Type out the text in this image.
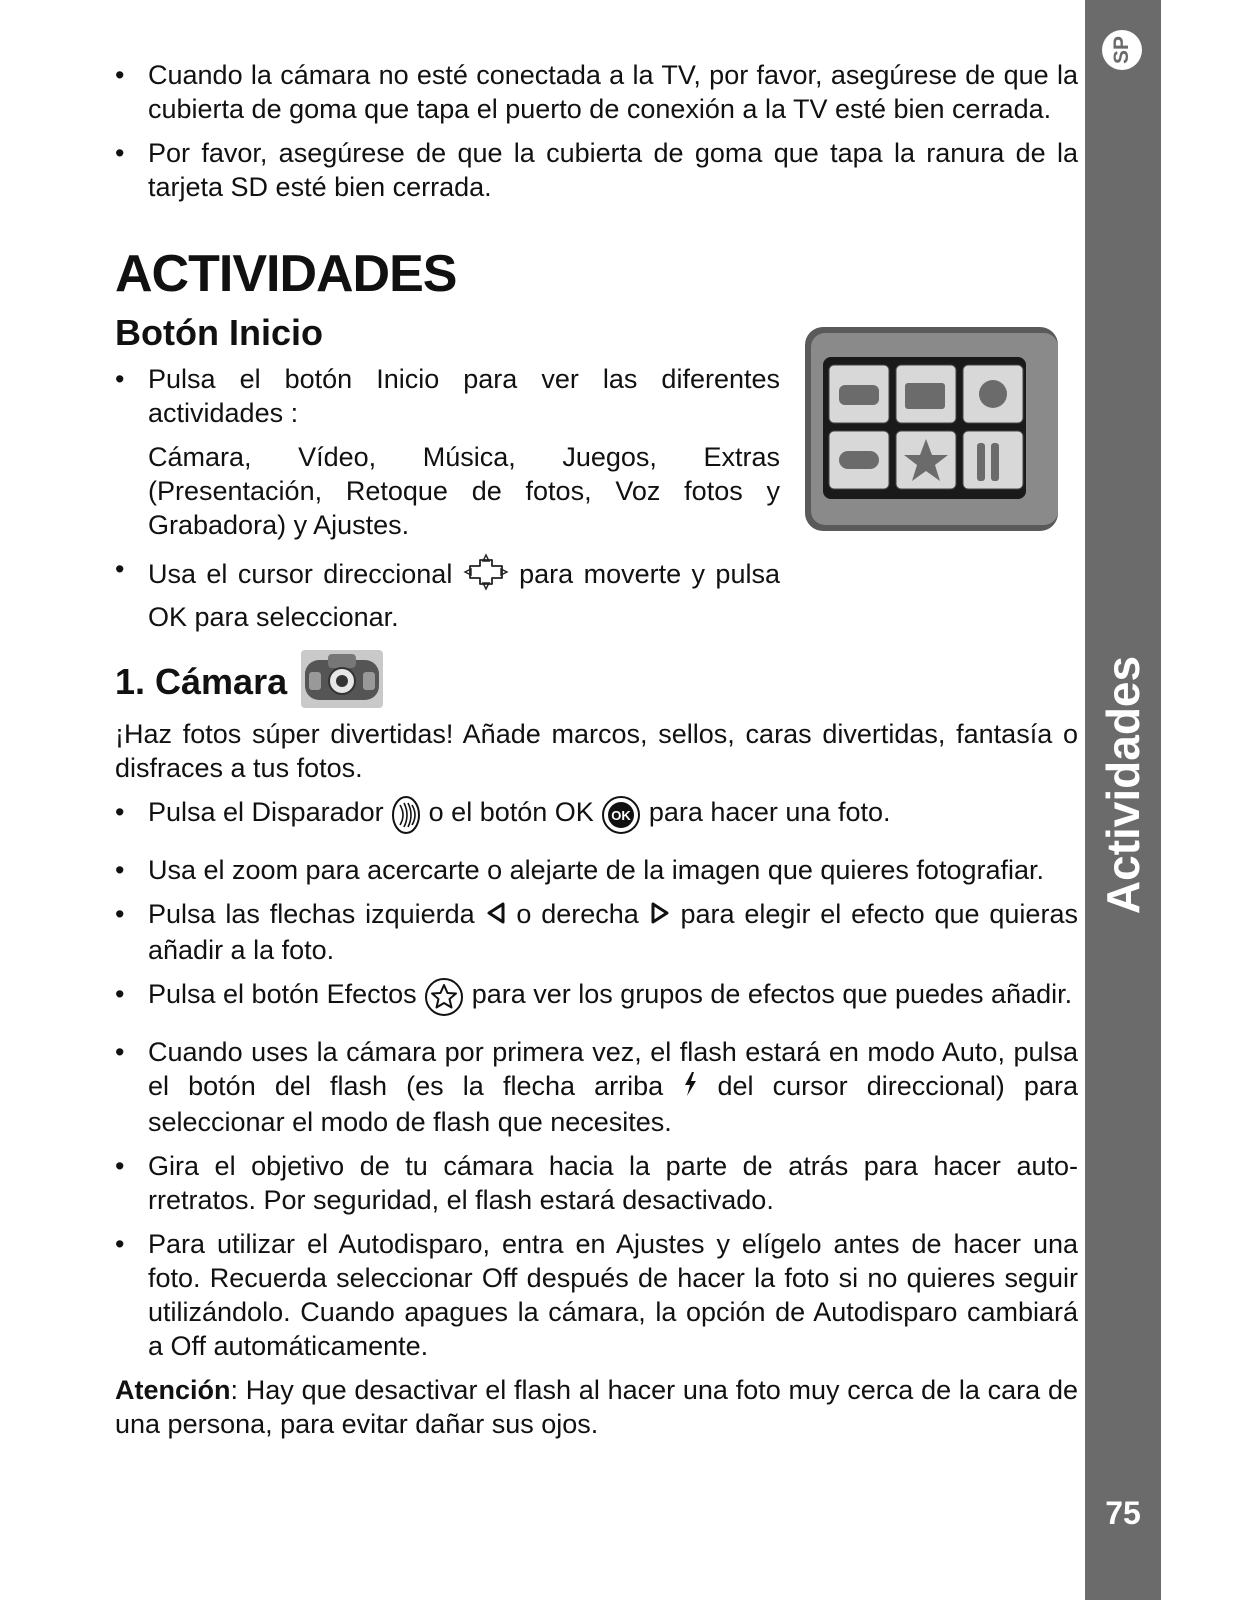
• Cuando la cámara no esté conectada a la TV, por favor, asegúrese de que la cubierta de goma que tapa el puerto de conexión a la TV esté bien cerrada.
• Por favor, asegúrese de que la cubierta de goma que tapa la ranura de la tarjeta SD esté bien cerrada.
ACTIVIDADES
Botón Inicio
• Pulsa el botón Inicio para ver las diferentes actividades :
Cámara, Vídeo, Música, Juegos, Extras (Presentación, Retoque de fotos, Voz fotos y Grabadora) y Ajustes.
• Usa el cursor direccional para moverte y pulsa OK para seleccionar.
1. Cámara

¡Haz fotos súper divertidas! Añade marcos, sellos, caras divertidas, fantasía o disfraces a tus fotos.

• Pulsa el Disparador o el botón OK OK para hacer una foto.
• Usa el zoom para acercarte o alejarte de la imagen que quieres fotografiar.
• Pulsa las flechas izquierda o derecha para elegir el efecto que quieras añadir a la foto.
• Pulsa el botón Efectos para ver los grupos de efectos que puedes añadir.
• Cuando uses la cámara por primera vez, el flash estará en modo Auto, pulsa el botón del flash (es la flecha arriba del cursor direccional) para seleccionar el modo de flash que necesites.
• Gira el objetivo de tu cámara hacia la parte de atrás para hacer auto-rretratos. Por seguridad, el flash estará desactivado.
• Para utilizar el Autodisparo, entra en Ajustes y elígelo antes de hacer una foto. Recuerda seleccionar Off después de hacer la foto si no quieres seguir utilizándolo. Cuando apagues la cámara, la opción de Autodisparo cambiará a Off automáticamente.

Atención: Hay que desactivar el flash al hacer una foto muy cerca de la cara de una persona, para evitar dañar sus ojos.

SP
Actividades
75
